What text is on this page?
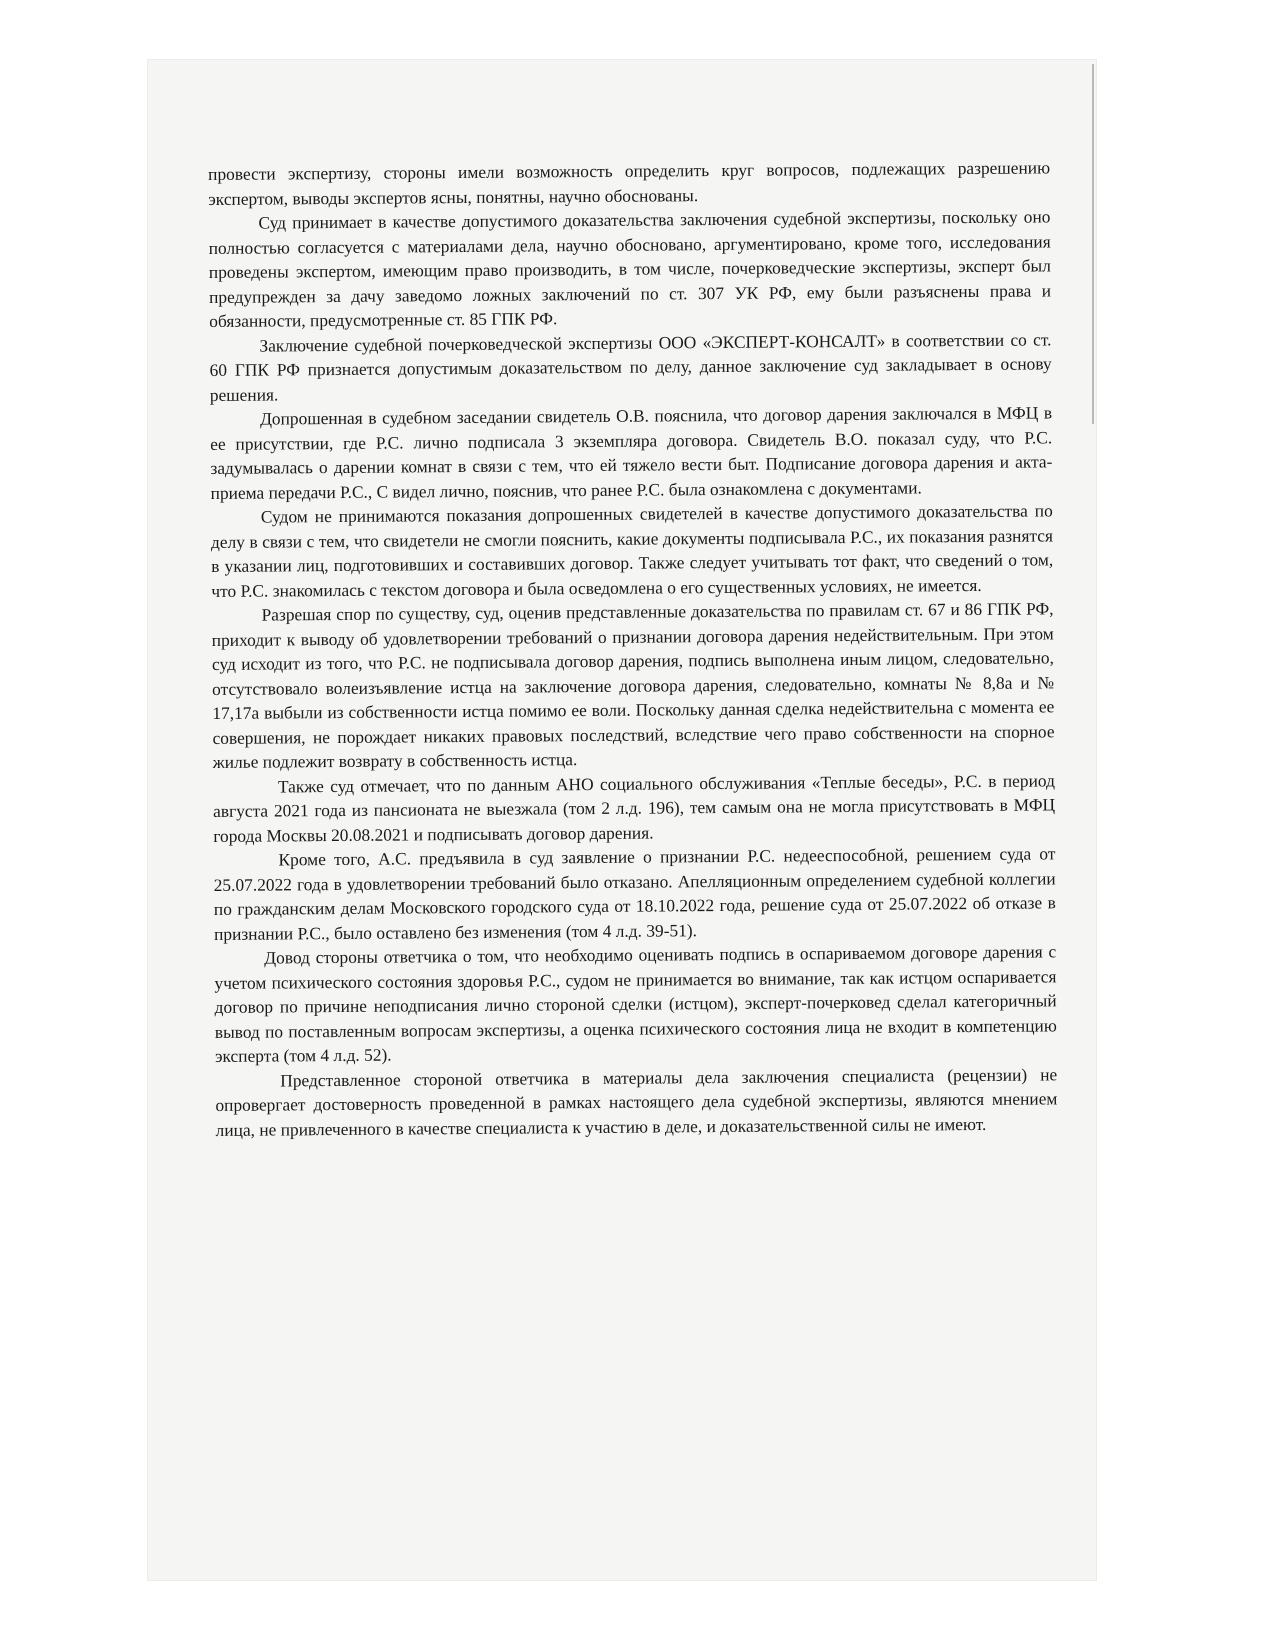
провести экспертизу, стороны имели возможность определить круг вопросов, подлежащих разрешению экспертом, выводы экспертов ясны, понятны, научно обоснованы.

Суд принимает в качестве допустимого доказательства заключения судебной экспертизы, поскольку оно полностью согласуется с материалами дела, научно обосновано, аргументировано, кроме того, исследования проведены экспертом, имеющим право производить, в том числе, почерковедческие экспертизы, эксперт был предупрежден за дачу заведомо ложных заключений по ст. 307 УК РФ, ему были разъяснены права и обязанности, предусмотренные ст. 85 ГПК РФ.

Заключение судебной почерковедческой экспертизы ООО «ЭКСПЕРТ-КОНСАЛТ» в соответствии со ст. 60 ГПК РФ признается допустимым доказательством по делу, данное заключение суд закладывает в основу решения.

Допрошенная в судебном заседании свидетель О.В. пояснила, что договор дарения заключался в МФЦ в ее присутствии, где Р.С. лично подписала 3 экземпляра договора. Свидетель В.О. показал суду, что Р.С. задумывалась о дарении комнат в связи с тем, что ей тяжело вести быт. Подписание договора дарения и акта-приема передачи Р.С., С видел лично, пояснив, что ранее Р.С. была ознакомлена с документами.

Судом не принимаются показания допрошенных свидетелей в качестве допустимого доказательства по делу в связи с тем, что свидетели не смогли пояснить, какие документы подписывала Р.С., их показания разнятся в указании лиц, подготовивших и составивших договор. Также следует учитывать тот факт, что сведений о том, что Р.С. знакомилась с текстом договора и была осведомлена о его существенных условиях, не имеется.

Разрешая спор по существу, суд, оценив представленные доказательства по правилам ст. 67 и 86 ГПК РФ, приходит к выводу об удовлетворении требований о признании договора дарения недействительным. При этом суд исходит из того, что Р.С. не подписывала договор дарения, подпись выполнена иным лицом, следовательно, отсутствовало волеизъявление истца на заключение договора дарения, следовательно, комнаты № 8,8а и № 17,17а выбыли из собственности истца помимо ее воли. Поскольку данная сделка недействительна с момента ее совершения, не порождает никаких правовых последствий, вследствие чего право собственности на спорное жилье подлежит возврату в собственность истца.

Также суд отмечает, что по данным АНО социального обслуживания «Теплые беседы», Р.С. в период августа 2021 года из пансионата не выезжала (том 2 л.д. 196), тем самым она не могла присутствовать в МФЦ города Москвы 20.08.2021 и подписывать договор дарения.

Кроме того, А.С. предъявила в суд заявление о признании Р.С. недееспособной, решением суда от 25.07.2022 года в удовлетворении требований было отказано. Апелляционным определением судебной коллегии по гражданским делам Московского городского суда от 18.10.2022 года, решение суда от 25.07.2022 об отказе в признании Р.С., было оставлено без изменения (том 4 л.д. 39-51).

Довод стороны ответчика о том, что необходимо оценивать подпись в оспариваемом договоре дарения с учетом психического состояния здоровья Р.С., судом не принимается во внимание, так как истцом оспаривается договор по причине неподписания лично стороной сделки (истцом), эксперт-почерковед сделал категоричный вывод по поставленным вопросам экспертизы, а оценка психического состояния лица не входит в компетенцию эксперта (том 4 л.д. 52).

Представленное стороной ответчика в материалы дела заключения специалиста (рецензии) не опровергает достоверность проведенной в рамках настоящего дела судебной экспертизы, являются мнением лица, не привлеченного в качестве специалиста к участию в деле, и доказательственной силы не имеют.
